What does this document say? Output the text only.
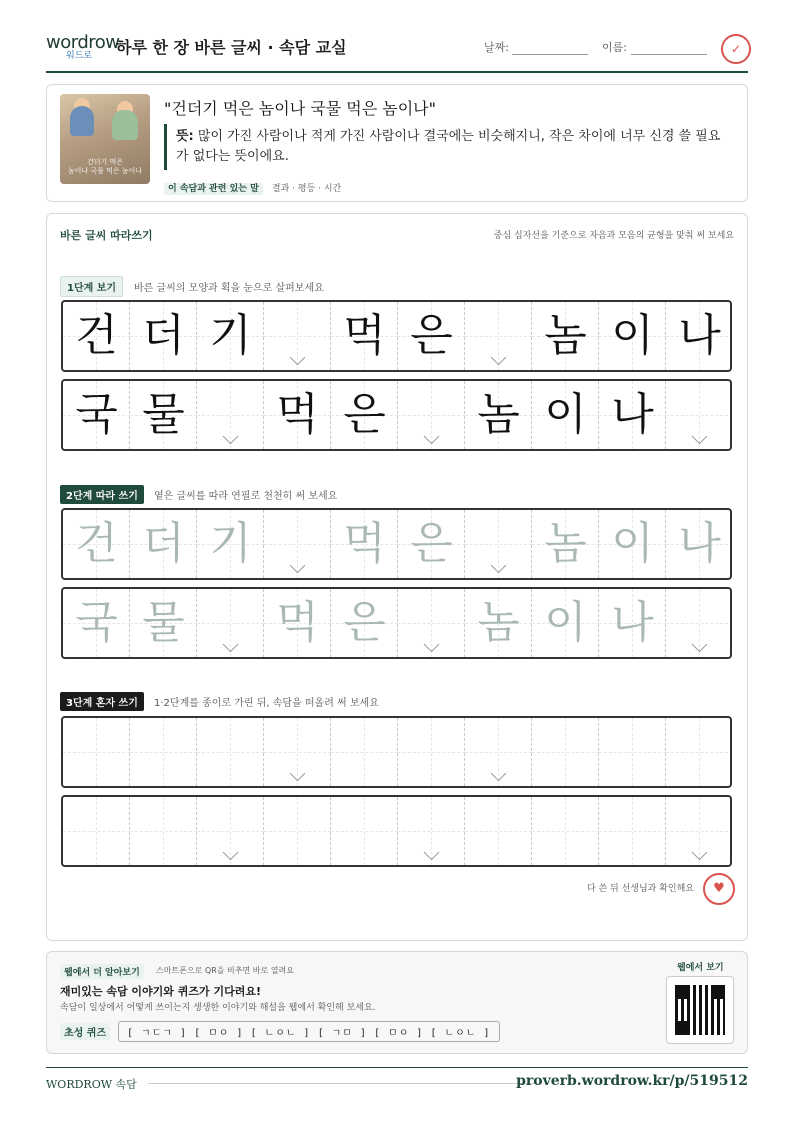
wordrow
워드로 하루 한 장 바른 글씨 · 속담 교실	날짜:	이름:	✓
건더기 먹은
놈이나 국물 먹은 놈이나
"건더기 먹은 놈이나 국물 먹은 놈이나"
뜻: 많이 가진 사람이나 적게 가진 사람이나 결국에는 비슷해지니, 작은 차이에 너무 신경 쓸 필요가 없다는 뜻이에요.
이 속담과 관련 있는 말 결과 · 평등 · 시간
바른 글씨 따라쓰기	중심 십자선을 기준으로 자음과 모음의 균형을 맞춰 써 보세요
1단계 보기	바른 글씨의 모양과 획을 눈으로 살펴보세요
건 더 기 먹 은 놈 이 나
국 물 먹 은 놈 이 나
2단계 따라 쓰기	옅은 글씨를 따라 연필로 천천히 써 보세요
건 더 기 먹 은 놈 이 나
국 물 먹 은 놈 이 나
3단계 혼자 쓰기	1·2단계를 종이로 가린 뒤, 속담을 떠올려 써 보세요
다 쓴 뒤 선생님과 확인해요	♥
웹에서 더 알아보기	스마트폰으로 QR을 비추면 바로 열려요
재미있는 속담 이야기와 퀴즈가 기다려요!
속담이 일상에서 어떻게 쓰이는지 생생한 이야기와 해설을 웹에서 확인해 보세요.
초성 퀴즈	[ ㄱㄷㄱ ] [ ㅁㅇ ] [ ㄴㅇㄴ ] [ ㄱㅁ ] [ ㅁㅇ ] [ ㄴㅇㄴ ]
웹에서 보기
WORDROW 속담	proverb.wordrow.kr/p/519512
